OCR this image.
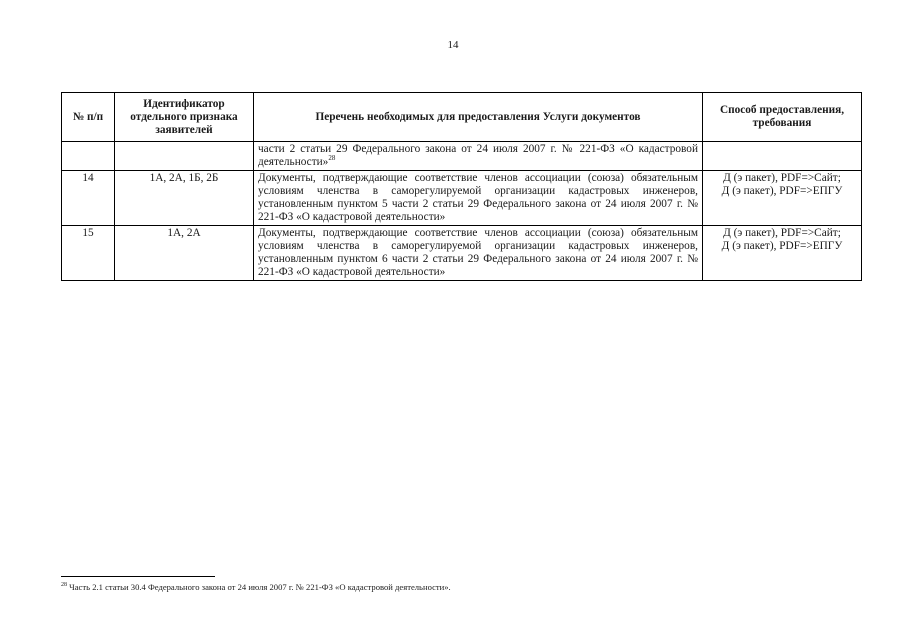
14
№ п/п	Идентификатор отдельного признака заявителей	Перечень необходимых для предоставления Услуги документов	Способ предоставления, требования
		части 2 статьи 29 Федерального закона от 24 июля 2007 г. № 221-ФЗ «О кадастровой деятельности»$^{28}$	
14	1А, 2А, 1Б, 2Б	Документы, подтверждающие соответствие членов ассоциации (союза) обязательным условиям членства в саморегулируемой организации кадастровых инженеров, установленным пунктом 5 части 2 статьи 29 Федерального закона от 24 июля 2007 г. № 221-ФЗ «О кадастровой деятельности»	Д (э пакет), PDF=>Сайт;
Д (э пакет), PDF=>ЕПГУ

15	1А, 2А	Документы, подтверждающие соответствие членов ассоциации (союза) обязательным условиям членства в саморегулируемой организации кадастровых инженеров, установленным пунктом 6 части 2 статьи 29 Федерального закона от 24 июля 2007 г. № 221-ФЗ «О кадастровой деятельности»	Д (э пакет), PDF=>Сайт;
Д (э пакет), PDF=>ЕПГУ
$^{28}$ Часть 2.1 статьи 30.4 Федерального закона от 24 июля 2007 г. № 221-ФЗ «О кадастровой деятельности».
